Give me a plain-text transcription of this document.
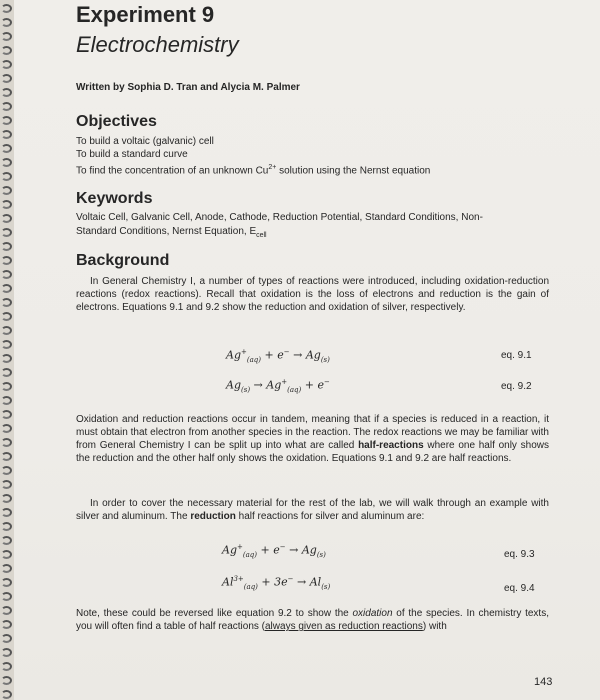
Experiment 9
Electrochemistry
Written by Sophia D. Tran and Alycia M. Palmer
Objectives
To build a voltaic (galvanic) cell
To build a standard curve
To find the concentration of an unknown $Cu^{2+}$ solution using the Nernst equation
Keywords
Voltaic Cell, Galvanic Cell, Anode, Cathode, Reduction Potential, Standard Conditions, Non-
Standard Conditions, Nernst Equation, $E_{cell}$
Background
In General Chemistry I, a number of types of reactions were introduced, including oxidation-reduction reactions (redox reactions). Recall that oxidation is the loss of electrons and reduction is the gain of electrons. Equations 9.1 and 9.2 show the reduction and oxidation of silver, respectively.
$Ag^+_{(aq)} + e^- \to Ag_{(s)}$	eq. 9.1
$Ag_{(s)} \to Ag^+_{(aq)} + e^-$	eq. 9.2
Oxidation and reduction reactions occur in tandem, meaning that if a species is reduced in a reaction, it must obtain that electron from another species in the reaction. The redox reactions we may be familiar with from General Chemistry I can be split up into what are called half-reactions where one half only shows the reduction and the other half only shows the oxidation. Equations 9.1 and 9.2 are half reactions.
In order to cover the necessary material for the rest of the lab, we will walk through an example with silver and aluminum. The reduction half reactions for silver and aluminum are:
$Ag^+_{(aq)} + e^- \to Ag_{(s)}$	eq. 9.3
$Al^{3+}_{(aq)} + 3e^- \to Al_{(s)}$	eq. 9.4
Note, these could be reversed like equation 9.2 to show the oxidation of the species. In chemistry texts, you will often find a table of half reactions (always given as reduction reactions) with
143
